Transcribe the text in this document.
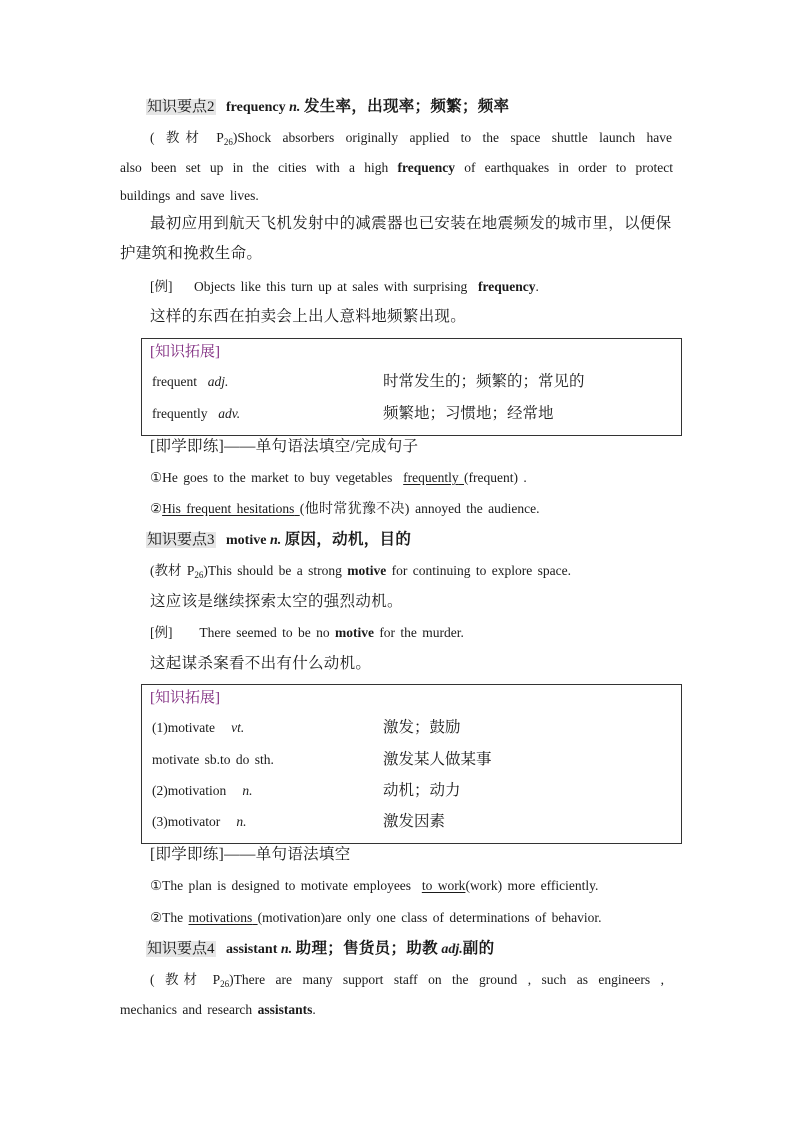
知识要点2 frequency n. 发生率，出现率；频繁；频率
( 教材 $P_{26})Shock$ absorbers originally applied to the space shuttle launch have
also been set up in the cities with a high frequency of earthquakes in order to protect
buildings and save lives.
最初应用到航天飞机发射中的减震器也已安装在地震频发的城市里，以便保
护建筑和挽救生命。
[例] Objects like this turn up at sales with surprising frequency.
这样的东西在拍卖会上出人意料地频繁出现。
[知识拓展]
frequent adj.	时常发生的；频繁的；常见的
frequently adv.	频繁地；习惯地；经常地
[即学即练]——单句语法填空/完成句子
①He goes to the market to buy vegetables frequently (frequent) .
②His frequent hesitations (他时常犹豫不决) annoyed the audience.
知识要点3 motive n. 原因，动机，目的
(教材 $P_{26})This$ should be a strong motive for continuing to explore space.
这应该是继续探索太空的强烈动机。
[例] There seemed to be no motive for the murder.
这起谋杀案看不出有什么动机。
[知识拓展]
(1)motivate vt.	激发；鼓励
motivate sb.to do sth.	激发某人做某事
(2)motivation n.	动机；动力
(3)motivator n.	激发因素
[即学即练]——单句语法填空
①The plan is designed to motivate employees to work(work) more efficiently.
②The motivations (motivation)are only one class of determinations of behavior.
知识要点4 assistant n. 助理；售货员；助教 adj.副的
( 教材 $P_{26})There$ are many support staff on the ground , such as engineers ,
mechanics and research assistants.
